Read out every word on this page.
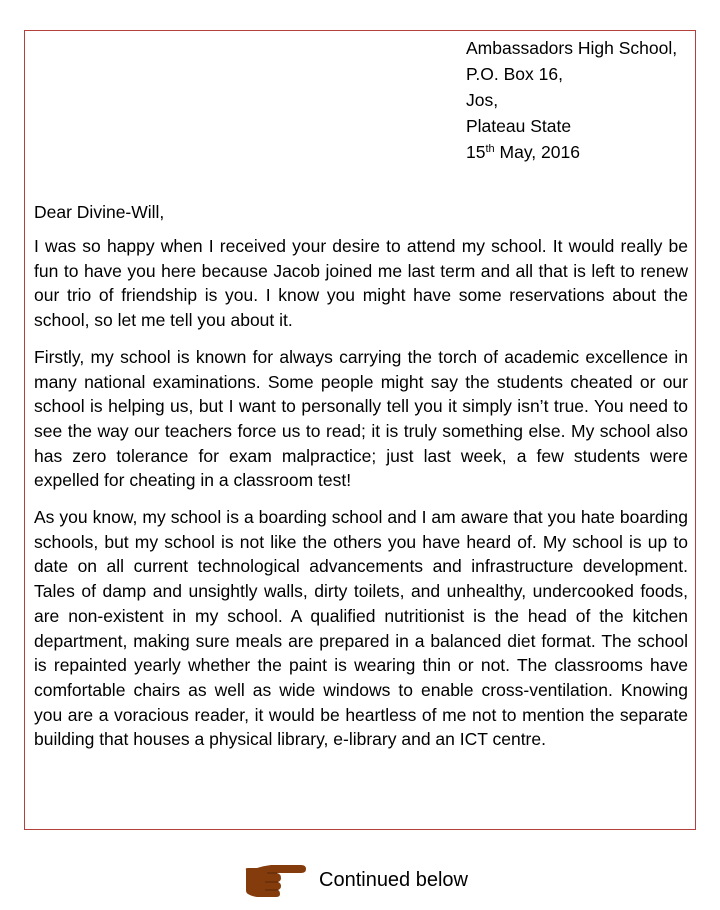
Ambassadors High School,
P.O. Box 16,
Jos,
Plateau State
15th May, 2016
Dear Divine-Will,

I was so happy when I received your desire to attend my school. It would really be fun to have you here because Jacob joined me last term and all that is left to renew our trio of friendship is you. I know you might have some reservations about the school, so let me tell you about it.

Firstly, my school is known for always carrying the torch of academic excellence in many national examinations. Some people might say the students cheated or our school is helping us, but I want to personally tell you it simply isn’t true. You need to see the way our teachers force us to read; it is truly something else. My school also has zero tolerance for exam malpractice; just last week, a few students were expelled for cheating in a classroom test!

As you know, my school is a boarding school and I am aware that you hate boarding schools, but my school is not like the others you have heard of. My school is up to date on all current technological advancements and infrastructure development. Tales of damp and unsightly walls, dirty toilets, and unhealthy, undercooked foods, are non-existent in my school. A qualified nutritionist is the head of the kitchen department, making sure meals are prepared in a balanced diet format. The school is repainted yearly whether the paint is wearing thin or not. The classrooms have comfortable chairs as well as wide windows to enable cross-ventilation. Knowing you are a voracious reader, it would be heartless of me not to mention the separate building that houses a physical library, e-library and an ICT centre.

Continued below
